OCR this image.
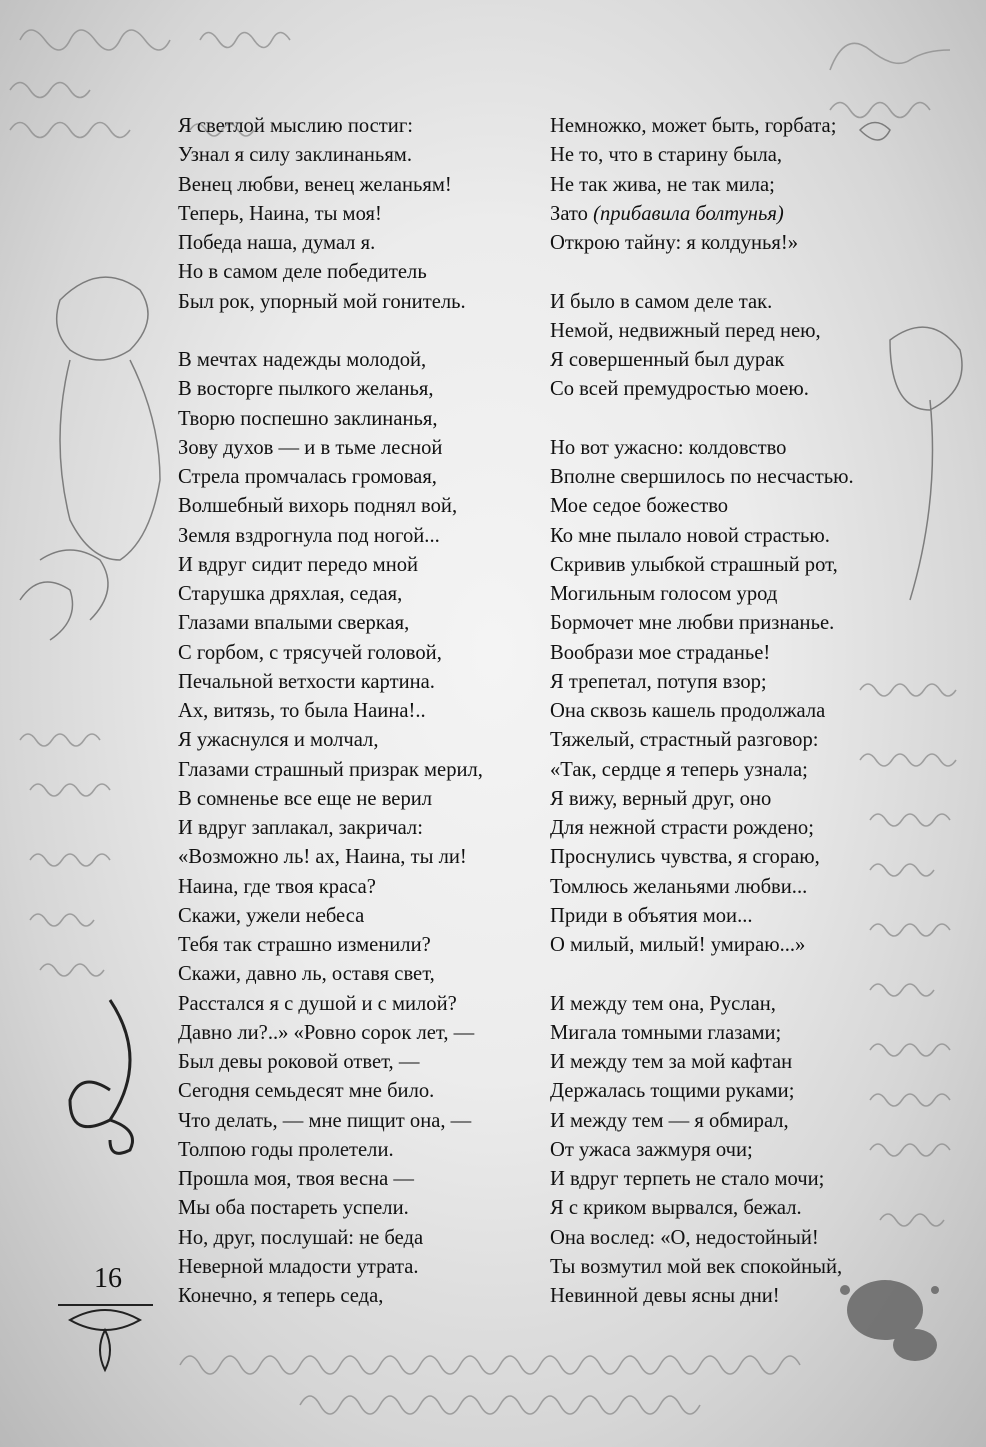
Я светлой мыслию постиг:
Узнал я силу заклинаньям.
Венец любви, венец желаньям!
Теперь, Наина, ты моя!
Победа наша, думал я.
Но в самом деле победитель
Был рок, упорный мой гонитель.
В мечтах надежды молодой,
В восторге пылкого желанья,
Творю поспешно заклинанья,
Зову духов — и в тьме лесной
Стрела промчалась громовая,
Волшебный вихорь поднял вой,
Земля вздрогнула под ногой...
И вдруг сидит передо мной
Старушка дряхлая, седая,
Глазами впалыми сверкая,
С горбом, с трясучей головой,
Печальной ветхости картина.
Ах, витязь, то была Наина!..
Я ужаснулся и молчал,
Глазами страшный призрак мерил,
В сомненье все еще не верил
И вдруг заплакал, закричал:
«Возможно ль! ах, Наина, ты ли!
Наина, где твоя краса?
Скажи, ужели небеса
Тебя так страшно изменили?
Скажи, давно ль, оставя свет,
Расстался я с душой и с милой?
Давно ли?..» «Ровно сорок лет, —
Был девы роковой ответ, —
Сегодня семьдесят мне било.
Что делать, — мне пищит она, —
Толпою годы пролетели.
Прошла моя, твоя весна —
Мы оба постареть успели.
Но, друг, послушай: не беда
Неверной младости утрата.
Конечно, я теперь седа,
Немножко, может быть, горбата;
Не то, что в старину была,
Не так жива, не так мила;
Зато (прибавила болтунья)
Открою тайну: я колдунья!»
И было в самом деле так.
Немой, недвижный перед нею,
Я совершенный был дурак
Со всей премудростью моею.
Но вот ужасно: колдовство
Вполне свершилось по несчастью.
Мое седое божество
Ко мне пылало новой страстью.
Скривив улыбкой страшный рот,
Могильным голосом урод
Бормочет мне любви признанье.
Вообрази мое страданье!
Я трепетал, потупя взор;
Она сквозь кашель продолжала
Тяжелый, страстный разговор:
«Так, сердце я теперь узнала;
Я вижу, верный друг, оно
Для нежной страсти рождено;
Проснулись чувства, я сгораю,
Томлюсь желаньями любви...
Приди в объятия мои...
О милый, милый! умираю...»
И между тем она, Руслан,
Мигала томными глазами;
И между тем за мой кафтан
Держалась тощими руками;
И между тем — я обмирал,
От ужаса зажмуря очи;
И вдруг терпеть не стало мочи;
Я с криком вырвался, бежал.
Она вослед: «О, недостойный!
Ты возмутил мой век спокойный,
Невинной девы ясны дни!
16
